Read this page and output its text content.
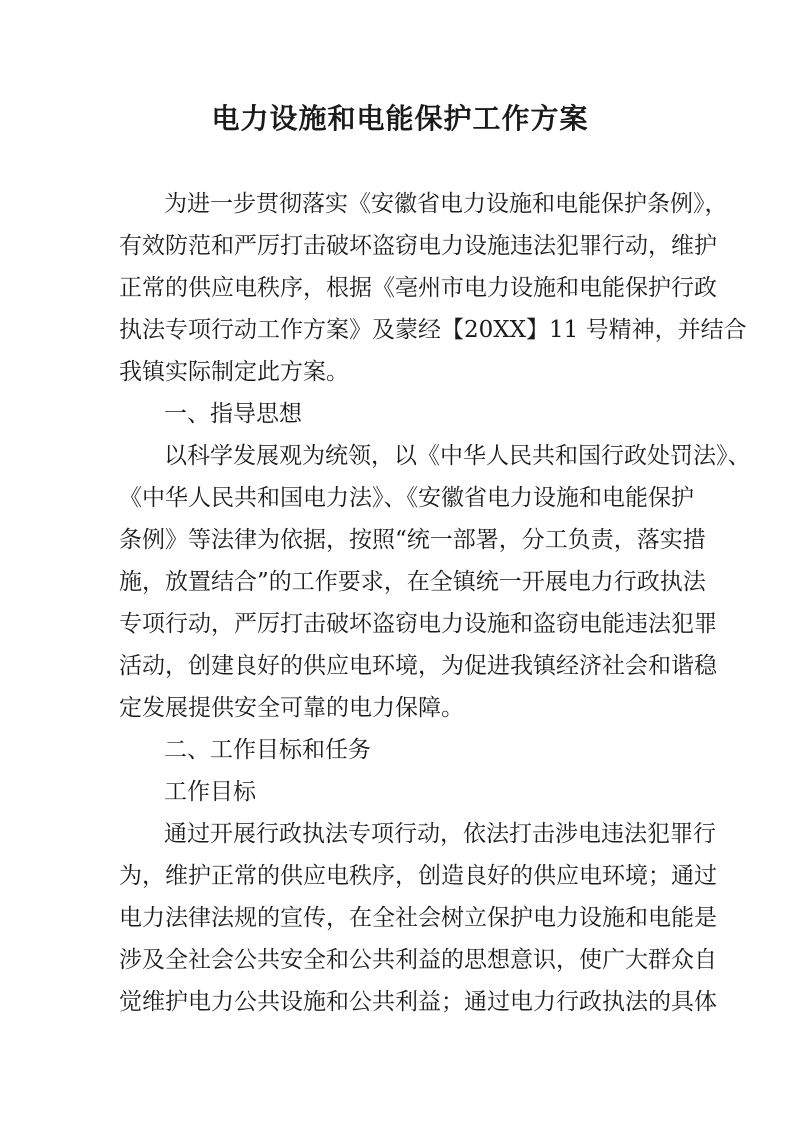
电力设施和电能保护工作方案
为进一步贯彻落实《安徽省电力设施和电能保护条例》，
有效防范和严厉打击破坏盗窃电力设施违法犯罪行动，维护
正常的供应电秩序，根据《亳州市电力设施和电能保护行政
执法专项行动工作方案》及蒙经【20XX】11 号精神，并结合
我镇实际制定此方案。
一、指导思想
以科学发展观为统领，以《中华人民共和国行政处罚法》、
《中华人民共和国电力法》、《安徽省电力设施和电能保护
条例》等法律为依据，按照“统一部署，分工负责，落实措
施，放置结合”的工作要求，在全镇统一开展电力行政执法
专项行动，严厉打击破坏盗窃电力设施和盗窃电能违法犯罪
活动，创建良好的供应电环境，为促进我镇经济社会和谐稳
定发展提供安全可靠的电力保障。
二、工作目标和任务
工作目标
通过开展行政执法专项行动，依法打击涉电违法犯罪行
为，维护正常的供应电秩序，创造良好的供应电环境；通过
电力法律法规的宣传，在全社会树立保护电力设施和电能是
涉及全社会公共安全和公共利益的思想意识，使广大群众自
觉维护电力公共设施和公共利益；通过电力行政执法的具体
